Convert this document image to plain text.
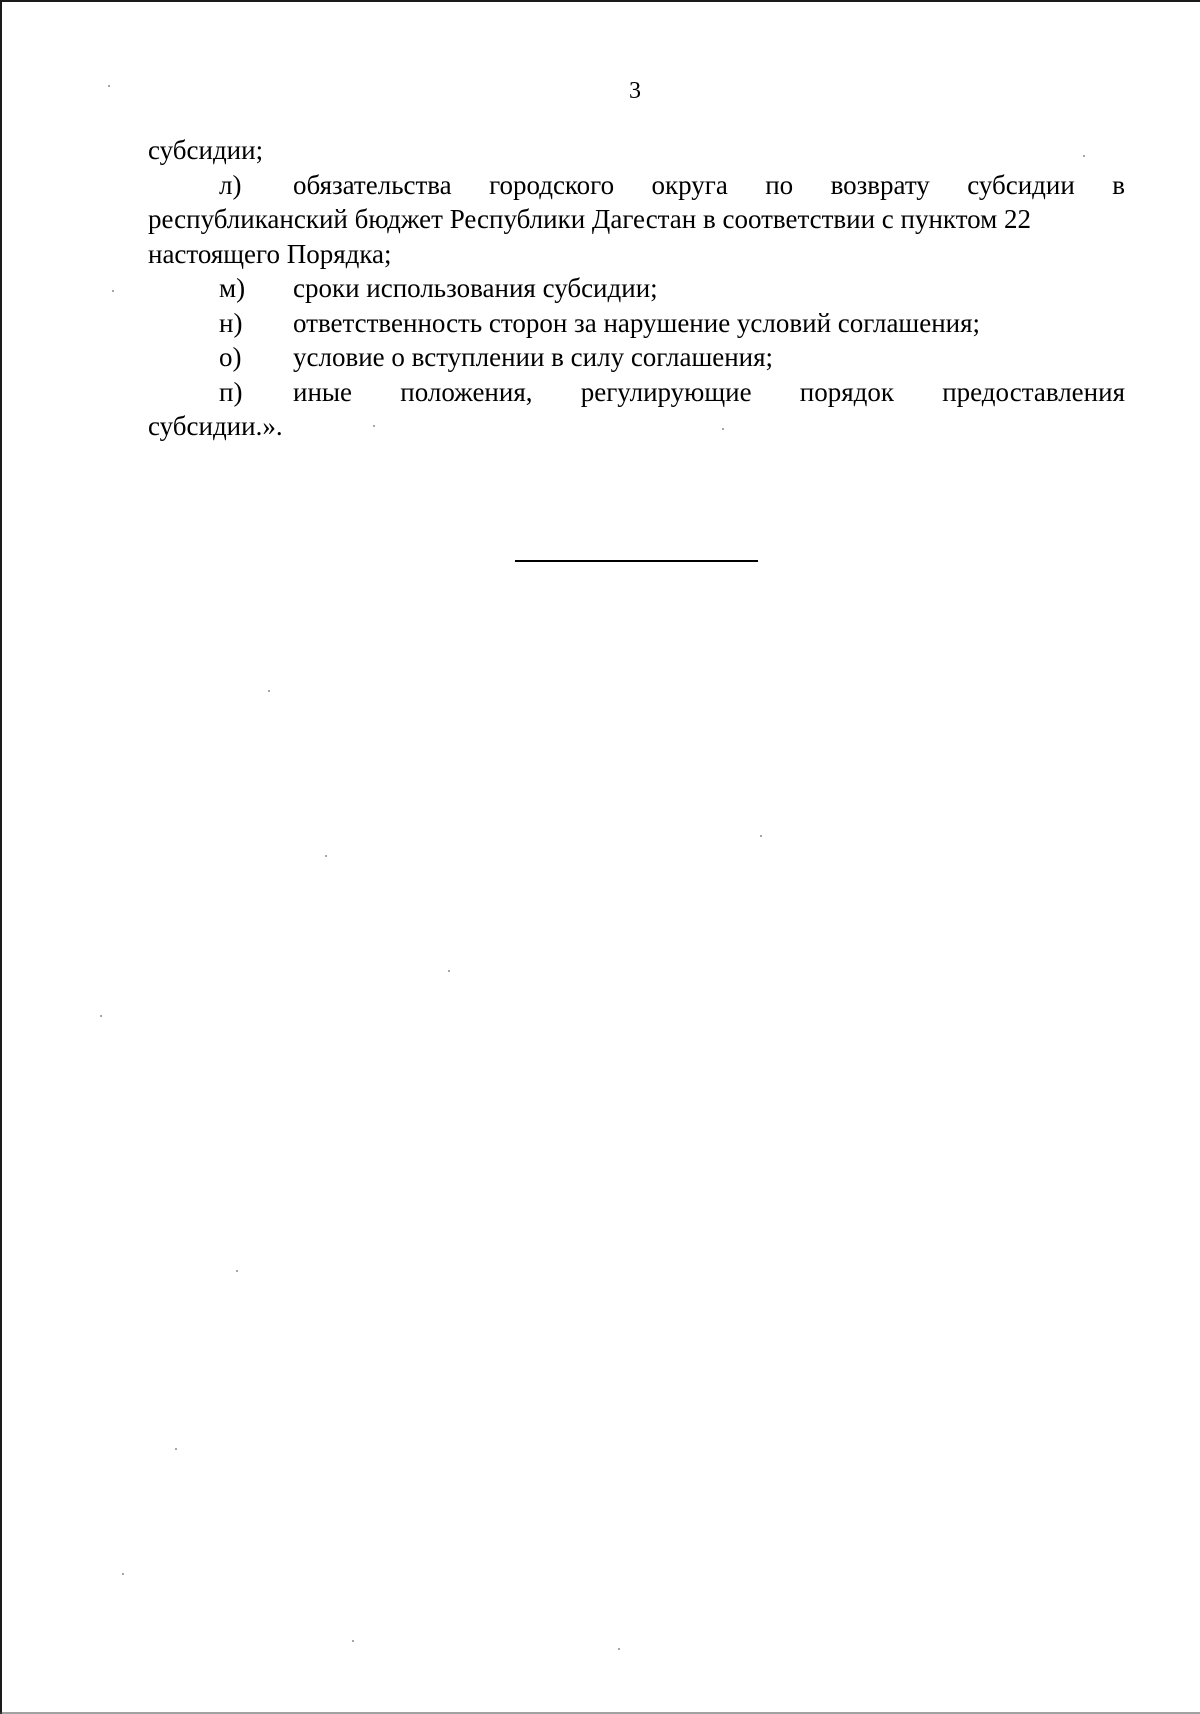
3
субсидии;
л)	обязательства городского округа по возврату субсидии в
республиканский бюджет Республики Дагестан в соответствии с пунктом 22
настоящего Порядка;
м)	сроки использования субсидии;
н)	ответственность сторон за нарушение условий соглашения;
о)	условие о вступлении в силу соглашения;
п)	иные положения, регулирующие порядок предоставления
субсидии.».
